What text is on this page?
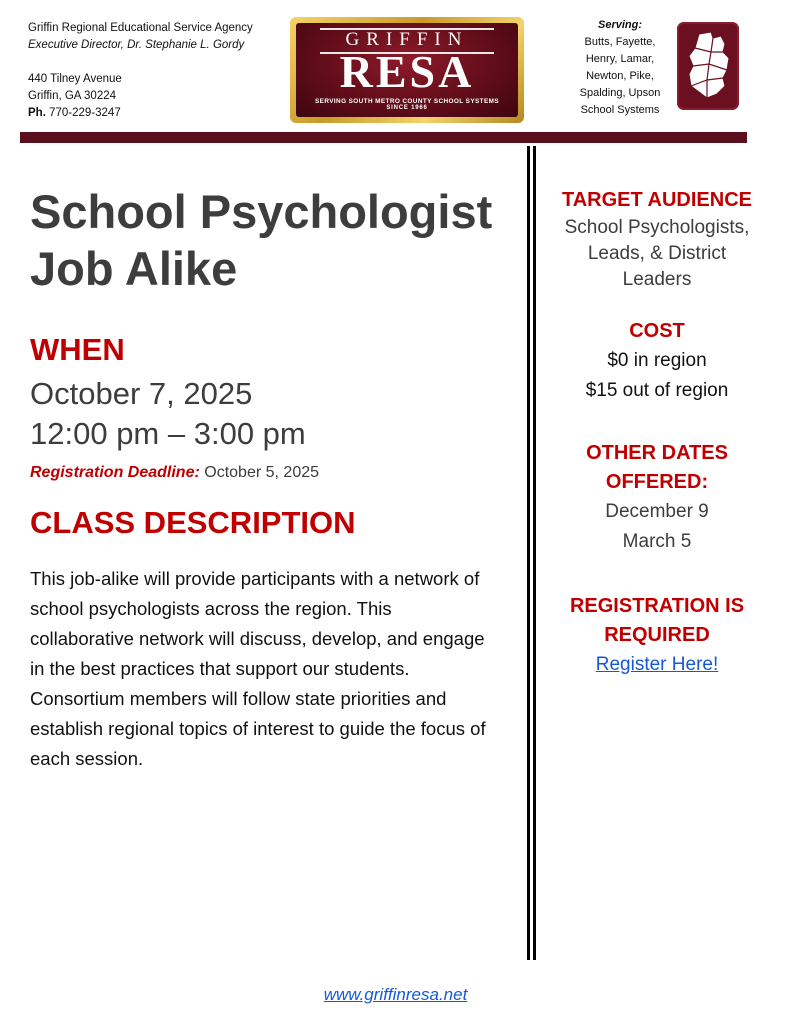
Griffin Regional Educational Service Agency
Executive Director, Dr. Stephanie L. Gordy
440 Tilney Avenue
Griffin, GA 30224
Ph. 770-229-3247
GRIFFIN
RESA
SERVING SOUTH METRO COUNTY SCHOOL SYSTEMS
SINCE 1966
Serving:
Butts, Fayette,
Henry, Lamar,
Newton, Pike,
Spalding, Upson
School Systems
School Psychologist
Job Alike
WHEN
October 7, 2025
12:00 pm – 3:00 pm
Registration Deadline: October 5, 2025
CLASS DESCRIPTION
This job-alike will provide participants with a network of school psychologists across the region. This collaborative network will discuss, develop, and engage in the best practices that support our students. Consortium members will follow state priorities and establish regional topics of interest to guide the focus of each session.
TARGET AUDIENCE
School Psychologists,
Leads, & District
Leaders
COST
$0 in region
$15 out of region
OTHER DATES
OFFERED:
December 9
March 5
REGISTRATION IS
REQUIRED
Register Here!
www.griffinresa.net
